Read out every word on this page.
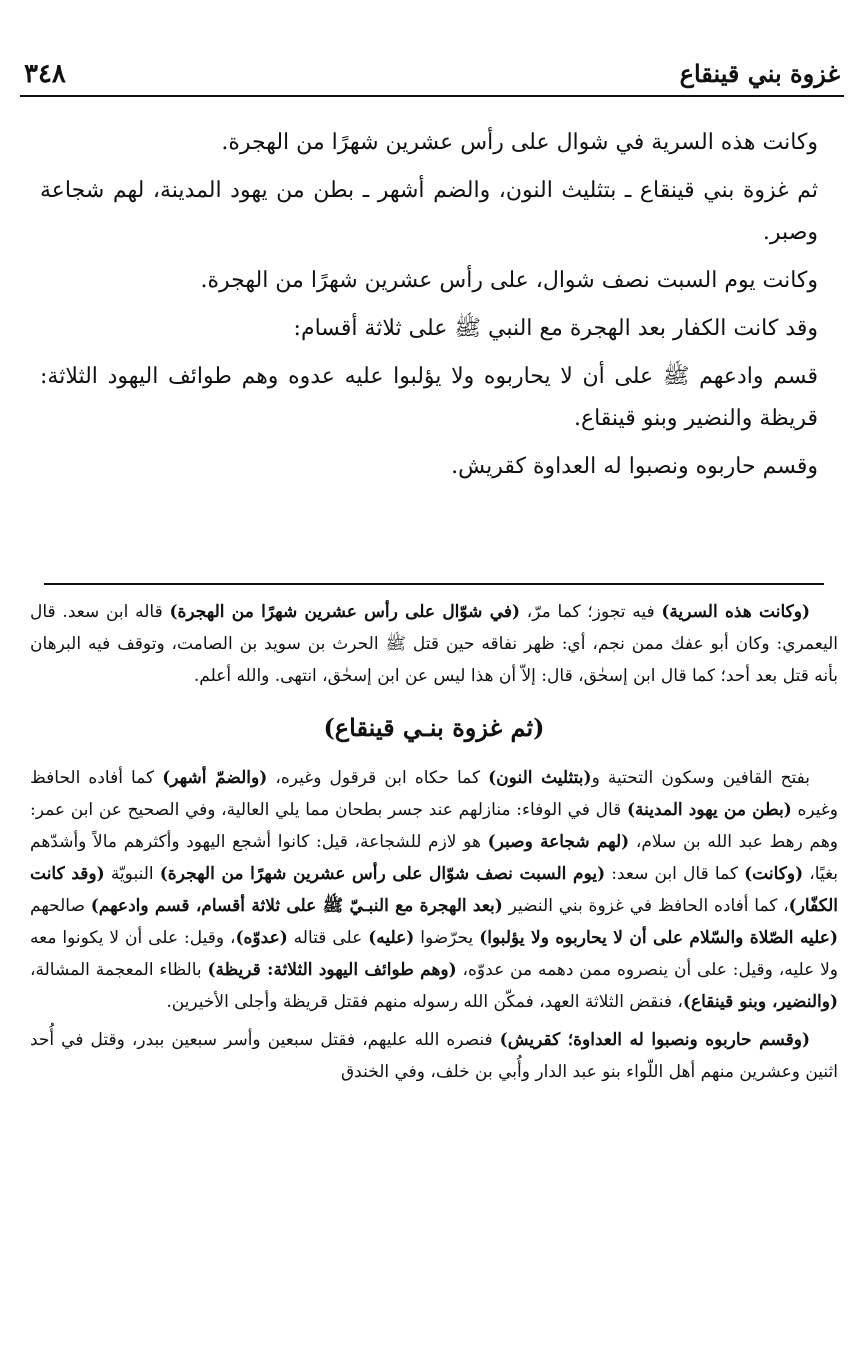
غزوة بني قينقاع
٣٤٨

وكانت هذه السرية في شوال على رأس عشرين شهرًا من الهجرة.

ثم غزوة بني قينقاع ـ بتثليث النون، والضم أشهر ـ بطن من يهود المدينة، لهم شجاعة وصبر.

وكانت يوم السبت نصف شوال، على رأس عشرين شهرًا من الهجرة.

وقد كانت الكفار بعد الهجرة مع النبي ﷺ على ثلاثة أقسام:

قسم وادعهم ﷺ على أن لا يحاربوه ولا يؤلبوا عليه عدوه وهم طوائف اليهود الثلاثة: قريظة والنضير وبنو قينقاع.

وقسم حاربوه ونصبوا له العداوة كقريش.

(وكانت هذه السرية) فيه تجوز؛ كما مرّ، (في شوّال على رأس عشرين شهرًا من الهجرة) قاله ابن سعد. قال اليعمري: وكان أبو عفك ممن نجم، أي: ظهر نفاقه حين قتل ﷺ الحرث بن سويد بن الصامت، وتوقف فيه البرهان بأنه قتل بعد أحد؛ كما قال ابن إسحٰق، قال: إلاّ أن هذا ليس عن ابن إسحٰق، انتهى. والله أعلم.

(ثم غزوة بنـي قينقاع)

بفتح القافين وسكون التحتية و(بتثليث النون) كما حكاه ابن قرقول وغيره، (والضمّ أشهر) كما أفاده الحافظ وغيره (بطن من يهود المدينة) قال في الوفاء: منازلهم عند جسر بطحان مما يلي العالية، وفي الصحيح عن ابن عمر: وهم رهط عبد الله بن سلام، (لهم شجاعة وصبر) هو لازم للشجاعة، قيل: كانوا أشجع اليهود وأكثرهم مالاً وأشدّهم بغيًا، (وكانت) كما قال ابن سعد: (يوم السبت نصف شوّال على رأس عشرين شهرًا من الهجرة) النبويّة (وقد كانت الكفّار)، كما أفاده الحافظ في غزوة بني النضير (بعد الهجرة مع النبـيّ ﷺ على ثلاثة أقسام، قسم وادعهم) صالحهم (عليه الصّلاة والسّلام على أن لا يحاربوه ولا يؤلبوا) يحرّضوا (عليه) على قتاله (عدوّه)، وقيل: على أن لا يكونوا معه ولا عليه، وقيل: على أن ينصروه ممن دهمه من عدوّه، (وهم طوائف اليهود الثلاثة: قريظة) بالظاء المعجمة المشالة، (والنضير، وبنو قينقاع)، فنقض الثلاثة العهد، فمكّن الله رسوله منهم فقتل قريظة وأجلى الأخيرين.

(وقسم حاربوه ونصبوا له العداوة؛ كقريش) فنصره الله عليهم، فقتل سبعين وأسر سبعين ببدر، وقتل في أُحد اثنين وعشرين منهم أهل اللّواء بنو عبد الدار وأُبي بن خلف، وفي الخندق
